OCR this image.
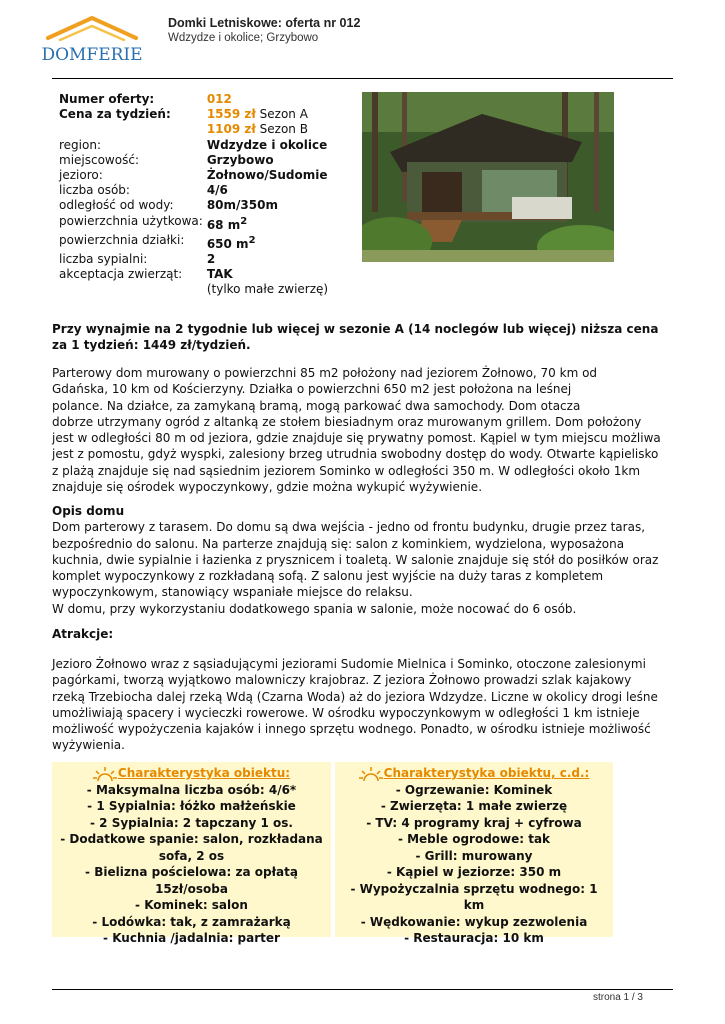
DOMFERIE
Domki Letniskowe: oferta nr 012
Wdzydze i okolice; Grzybowo
Numer oferty:	012
Cena za tydzień:	1559 zł Sezon A
	1109 zł Sezon B
region:	Wdzydze i okolice
miejscowość:	Grzybowo
jezioro:	Żołnowo/Sudomie
liczba osób:	4/6
odległość od wody:	80m/350m
powierzchnia użytkowa:	68 $m^2$
powierzchnia działki:	650 $m^2$
liczba sypialni:	2
akceptacja zwierząt:	TAK
	(tylko małe zwierzę)
Przy wynajmie na 2 tygodnie lub więcej w sezonie A (14 noclegów lub więcej) niższa cena za 1 tydzień: 1449 zł/tydzień.
Parterowy dom murowany o powierzchni 85 m2 położony nad jeziorem Żołnowo, 70 km od
Gdańska, 10 km od Kościerzyny. Działka o powierzchni 650 m2 jest położona na leśnej
polance. Na działce, za zamykaną bramą, mogą parkować dwa samochody. Dom otacza
dobrze utrzymany ogród z altanką ze stołem biesiadnym oraz murowanym grillem. Dom położony
jest w odległości 80 m od jeziora, gdzie znajduje się prywatny pomost. Kąpiel w tym miejscu możliwa
jest z pomostu, gdyż wyspki, zalesiony brzeg utrudnia swobodny dostęp do wody. Otwarte kąpielisko
z plażą znajduje się nad sąsiednim jeziorem Sominko w odległości 350 m. W odległości około 1km
znajduje się ośrodek wypoczynkowy, gdzie można wykupić wyżywienie.
Opis domu
Dom parterowy z tarasem. Do domu są dwa wejścia - jedno od frontu budynku, drugie przez taras,
bezpośrednio do salonu. Na parterze znajdują się: salon z kominkiem, wydzielona, wyposażona
kuchnia, dwie sypialnie i łazienka z prysznicem i toaletą. W salonie znajduje się stół do posiłków oraz
komplet wypoczynkowy z rozkładaną sofą. Z salonu jest wyjście na duży taras z kompletem
wypoczynkowym, stanowiący wspaniałe miejsce do relaksu.
W domu, przy wykorzystaniu dodatkowego spania w salonie, może nocować do 6 osób.
Atrakcje:
Jezioro Żołnowo wraz z sąsiadującymi jeziorami Sudomie Mielnica i Sominko, otoczone zalesionymi
pagórkami, tworzą wyjątkowo malowniczy krajobraz. Z jeziora Żołnowo prowadzi szlak kajakowy
rzeką Trzebiocha dalej rzeką Wdą (Czarna Woda) aż do jeziora Wdzydze. Liczne w okolicy drogi leśne
umożliwiają spacery i wycieczki rowerowe. W ośrodku wypoczynkowym w odległości 1 km istnieje
możliwość wypożyczenia kajaków i innego sprzętu wodnego. Ponadto, w ośrodku istnieje możliwość
wyżywienia.
Charakterystyka obiektu:
- Maksymalna liczba osób: 4/6*
- 1 Sypialnia: łóżko małżeńskie
- 2 Sypialnia: 2 tapczany 1 os.
- Dodatkowe spanie: salon, rozkładana
sofa, 2 os
- Bielizna pościelowa: za opłatą
15zł/osoba
- Kominek: salon
- Lodówka: tak, z zamrażarką
- Kuchnia /jadalnia: parter
Charakterystyka obiektu, c.d.:
- Ogrzewanie: Kominek
- Zwierzęta: 1 małe zwierzę
- TV: 4 programy kraj + cyfrowa
- Meble ogrodowe: tak
- Grill: murowany
- Kąpiel w jeziorze: 350 m
- Wypożyczalnia sprzętu wodnego: 1
km
- Wędkowanie: wykup zezwolenia
- Restauracja: 10 km
strona 1 / 3
